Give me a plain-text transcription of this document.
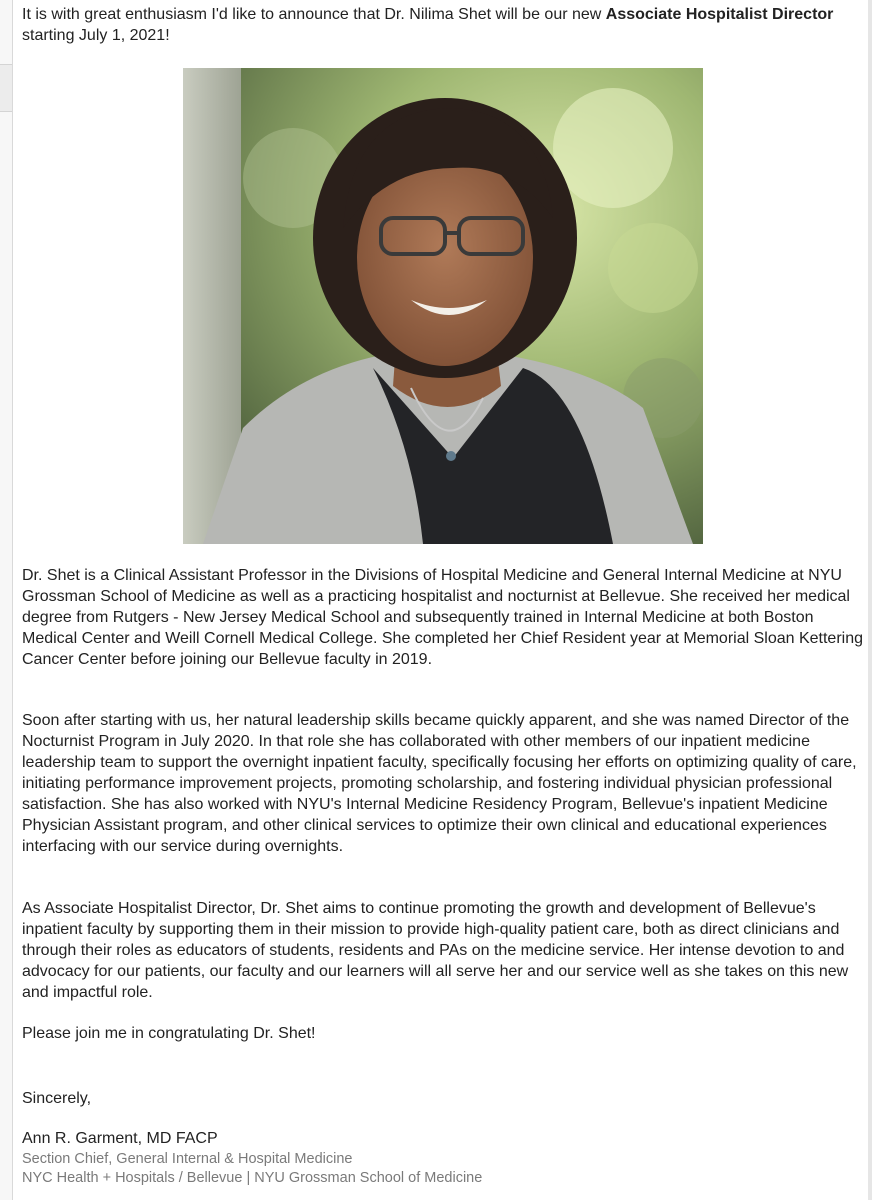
It is with great enthusiasm I'd like to announce that Dr. Nilima Shet will be our new Associate Hospitalist Director starting July 1, 2021!

Dr. Shet is a Clinical Assistant Professor in the Divisions of Hospital Medicine and General Internal Medicine at NYU Grossman School of Medicine as well as a practicing hospitalist and nocturnist at Bellevue. She received her medical degree from Rutgers - New Jersey Medical School and subsequently trained in Internal Medicine at both Boston Medical Center and Weill Cornell Medical College. She completed her Chief Resident year at Memorial Sloan Kettering Cancer Center before joining our Bellevue faculty in 2019.

Soon after starting with us, her natural leadership skills became quickly apparent, and she was named Director of the Nocturnist Program in July 2020. In that role she has collaborated with other members of our inpatient medicine leadership team to support the overnight inpatient faculty, specifically focusing her efforts on optimizing quality of care, initiating performance improvement projects, promoting scholarship, and fostering individual physician professional satisfaction. She has also worked with NYU's Internal Medicine Residency Program, Bellevue's inpatient Medicine Physician Assistant program, and other clinical services to optimize their own clinical and educational experiences interfacing with our service during overnights.

As Associate Hospitalist Director, Dr. Shet aims to continue promoting the growth and development of Bellevue's inpatient faculty by supporting them in their mission to provide high-quality patient care, both as direct clinicians and through their roles as educators of students, residents and PAs on the medicine service. Her intense devotion to and advocacy for our patients, our faculty and our learners will all serve her and our service well as she takes on this new and impactful role.

Please join me in congratulating Dr. Shet!

Sincerely,
Ann R. Garment, MD FACP
Section Chief, General Internal & Hospital Medicine
NYC Health + Hospitals / Bellevue | NYU Grossman School of Medicine
